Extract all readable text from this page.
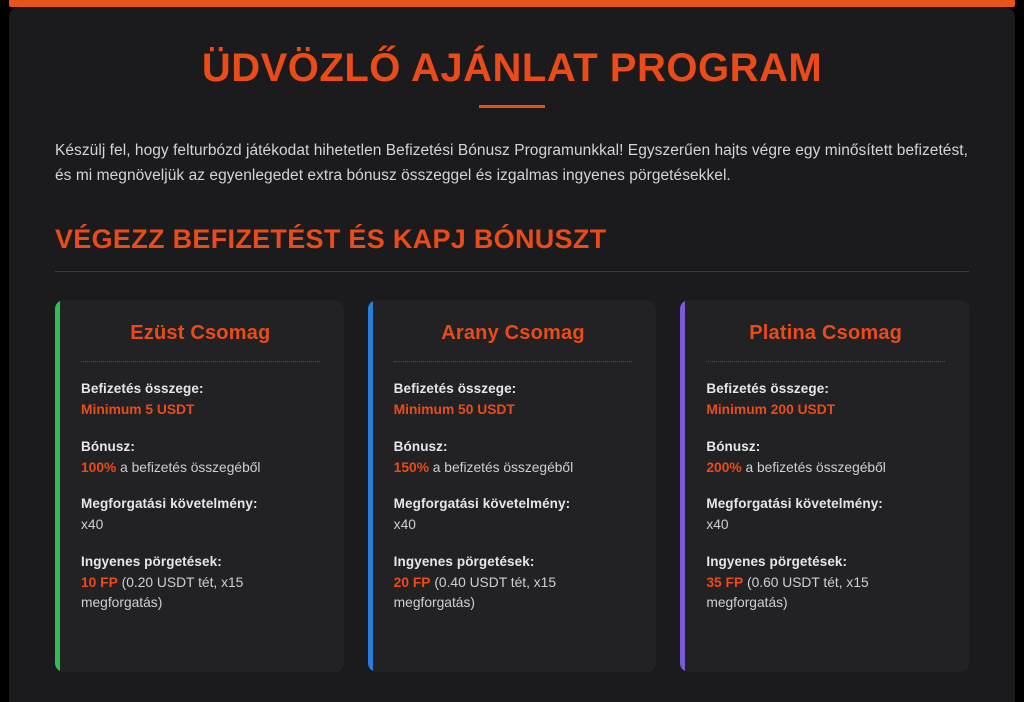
ÜDVÖZLŐ AJÁNLAT PROGRAM

Készülj fel, hogy felturbózd játékodat hihetetlen Befizetési Bónusz Programunkkal! Egyszerűen hajts végre egy minősített befizetést, és mi megnöveljük az egyenlegedet extra bónusz összeggel és izgalmas ingyenes pörgetésekkel.

VÉGEZZ BEFIZETÉST ÉS KAPJ BÓNUSZT
Ezüst Csomag
Befizetés összege:
Minimum 5 USDT
Bónusz:
100% a befizetés összegéből
Megforgatási követelmény:
x40
Ingyenes pörgetések:
10 FP (0.20 USDT tét, x15 megforgatás)
Arany Csomag
Befizetés összege:
Minimum 50 USDT
Bónusz:
150% a befizetés összegéből
Megforgatási követelmény:
x40
Ingyenes pörgetések:
20 FP (0.40 USDT tét, x15 megforgatás)
Platina Csomag
Befizetés összege:
Minimum 200 USDT
Bónusz:
200% a befizetés összegéből
Megforgatási követelmény:
x40
Ingyenes pörgetések:
35 FP (0.60 USDT tét, x15 megforgatás)
